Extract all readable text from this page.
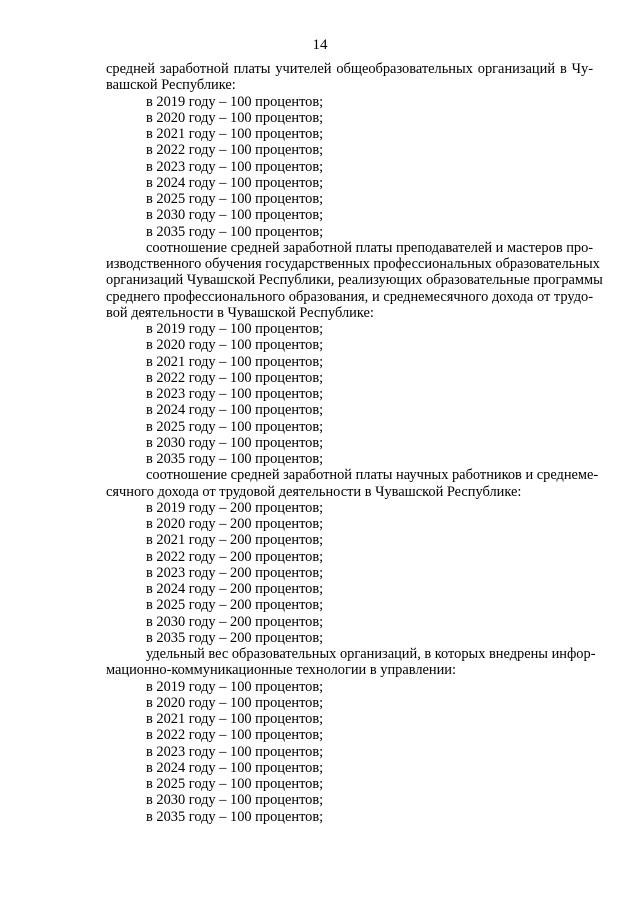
14
средней заработной платы учителей общеобразовательных организаций в Чу-
вашской Республике:
в 2019 году – 100 процентов;
в 2020 году – 100 процентов;
в 2021 году – 100 процентов;
в 2022 году – 100 процентов;
в 2023 году – 100 процентов;
в 2024 году – 100 процентов;
в 2025 году – 100 процентов;
в 2030 году – 100 процентов;
в 2035 году – 100 процентов;
соотношение средней заработной платы преподавателей и мастеров про-
изводственного обучения государственных профессиональных образовательных
организаций Чувашской Республики, реализующих образовательные программы
среднего профессионального образования, и среднемесячного дохода от трудо-
вой деятельности в Чувашской Республике:
в 2019 году – 100 процентов;
в 2020 году – 100 процентов;
в 2021 году – 100 процентов;
в 2022 году – 100 процентов;
в 2023 году – 100 процентов;
в 2024 году – 100 процентов;
в 2025 году – 100 процентов;
в 2030 году – 100 процентов;
в 2035 году – 100 процентов;
соотношение средней заработной платы научных работников и среднеме-
сячного дохода от трудовой деятельности в Чувашской Республике:
в 2019 году – 200 процентов;
в 2020 году – 200 процентов;
в 2021 году – 200 процентов;
в 2022 году – 200 процентов;
в 2023 году – 200 процентов;
в 2024 году – 200 процентов;
в 2025 году – 200 процентов;
в 2030 году – 200 процентов;
в 2035 году – 200 процентов;
удельный вес образовательных организаций, в которых внедрены инфор-
мационно-коммуникационные технологии в управлении:
в 2019 году – 100 процентов;
в 2020 году – 100 процентов;
в 2021 году – 100 процентов;
в 2022 году – 100 процентов;
в 2023 году – 100 процентов;
в 2024 году – 100 процентов;
в 2025 году – 100 процентов;
в 2030 году – 100 процентов;
в 2035 году – 100 процентов;
